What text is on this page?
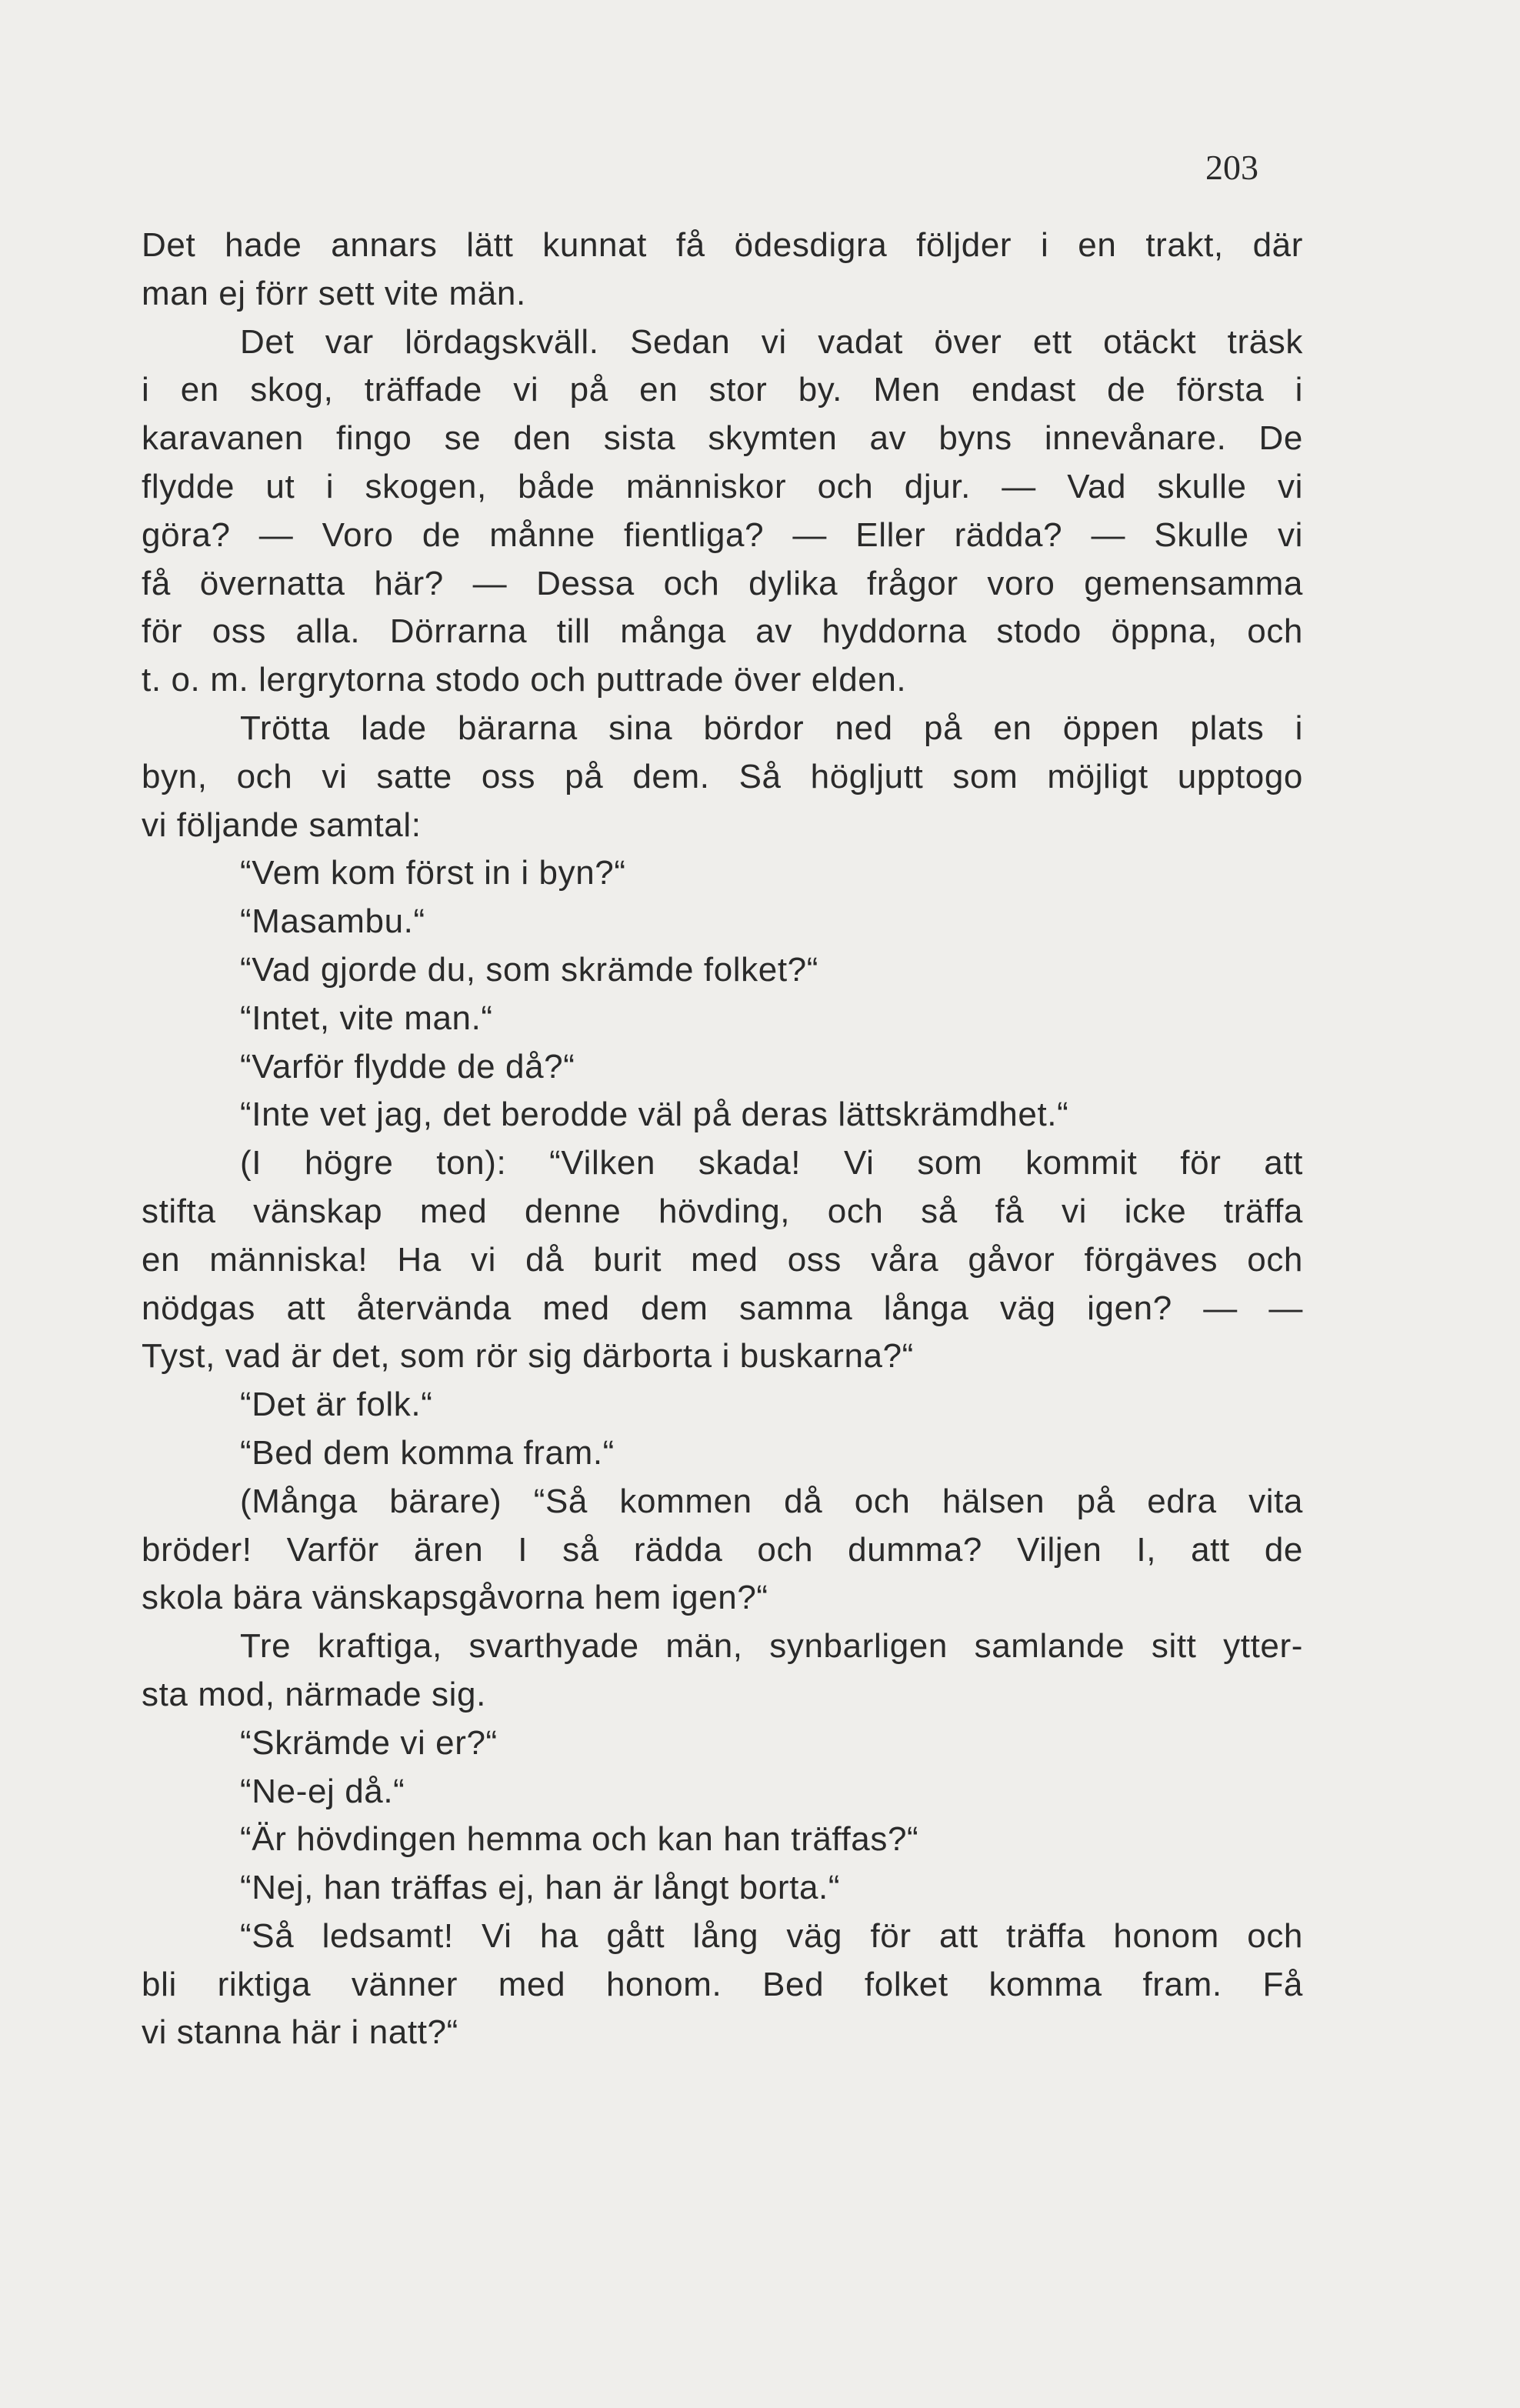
203
Det hade annars lätt kunnat få ödesdigra följder i en trakt, där
man ej förr sett vite män.
Det var lördagskväll. Sedan vi vadat över ett otäckt träsk
i en skog, träffade vi på en stor by. Men endast de första i
karavanen fingo se den sista skymten av byns innevånare. De
flydde ut i skogen, både människor och djur. — Vad skulle vi
göra? — Voro de månne fientliga? — Eller rädda? — Skulle vi
få övernatta här? — Dessa och dylika frågor voro gemensamma
för oss alla. Dörrarna till många av hyddorna stodo öppna, och
t. o. m. lergrytorna stodo och puttrade över elden.
Trötta lade bärarna sina bördor ned på en öppen plats i
byn, och vi satte oss på dem. Så högljutt som möjligt upptogo
vi följande samtal:
“Vem kom först in i byn?“
“Masambu.“
“Vad gjorde du, som skrämde folket?“
“Intet, vite man.“
“Varför flydde de då?“
“Inte vet jag, det berodde väl på deras lättskrämdhet.“
(I högre ton): “Vilken skada! Vi som kommit för att
stifta vänskap med denne hövding, och så få vi icke träffa
en människa! Ha vi då burit med oss våra gåvor förgäves och
nödgas att återvända med dem samma långa väg igen? — —
Tyst, vad är det, som rör sig därborta i buskarna?“
“Det är folk.“
“Bed dem komma fram.“
(Många bärare) “Så kommen då och hälsen på edra vita
bröder! Varför ären I så rädda och dumma? Viljen I, att de
skola bära vänskapsgåvorna hem igen?“
Tre kraftiga, svarthyade män, synbarligen samlande sitt ytter-
sta mod, närmade sig.
“Skrämde vi er?“
“Ne-ej då.“
“Är hövdingen hemma och kan han träffas?“
“Nej, han träffas ej, han är långt borta.“
“Så ledsamt! Vi ha gått lång väg för att träffa honom och
bli riktiga vänner med honom. Bed folket komma fram. Få
vi stanna här i natt?“
